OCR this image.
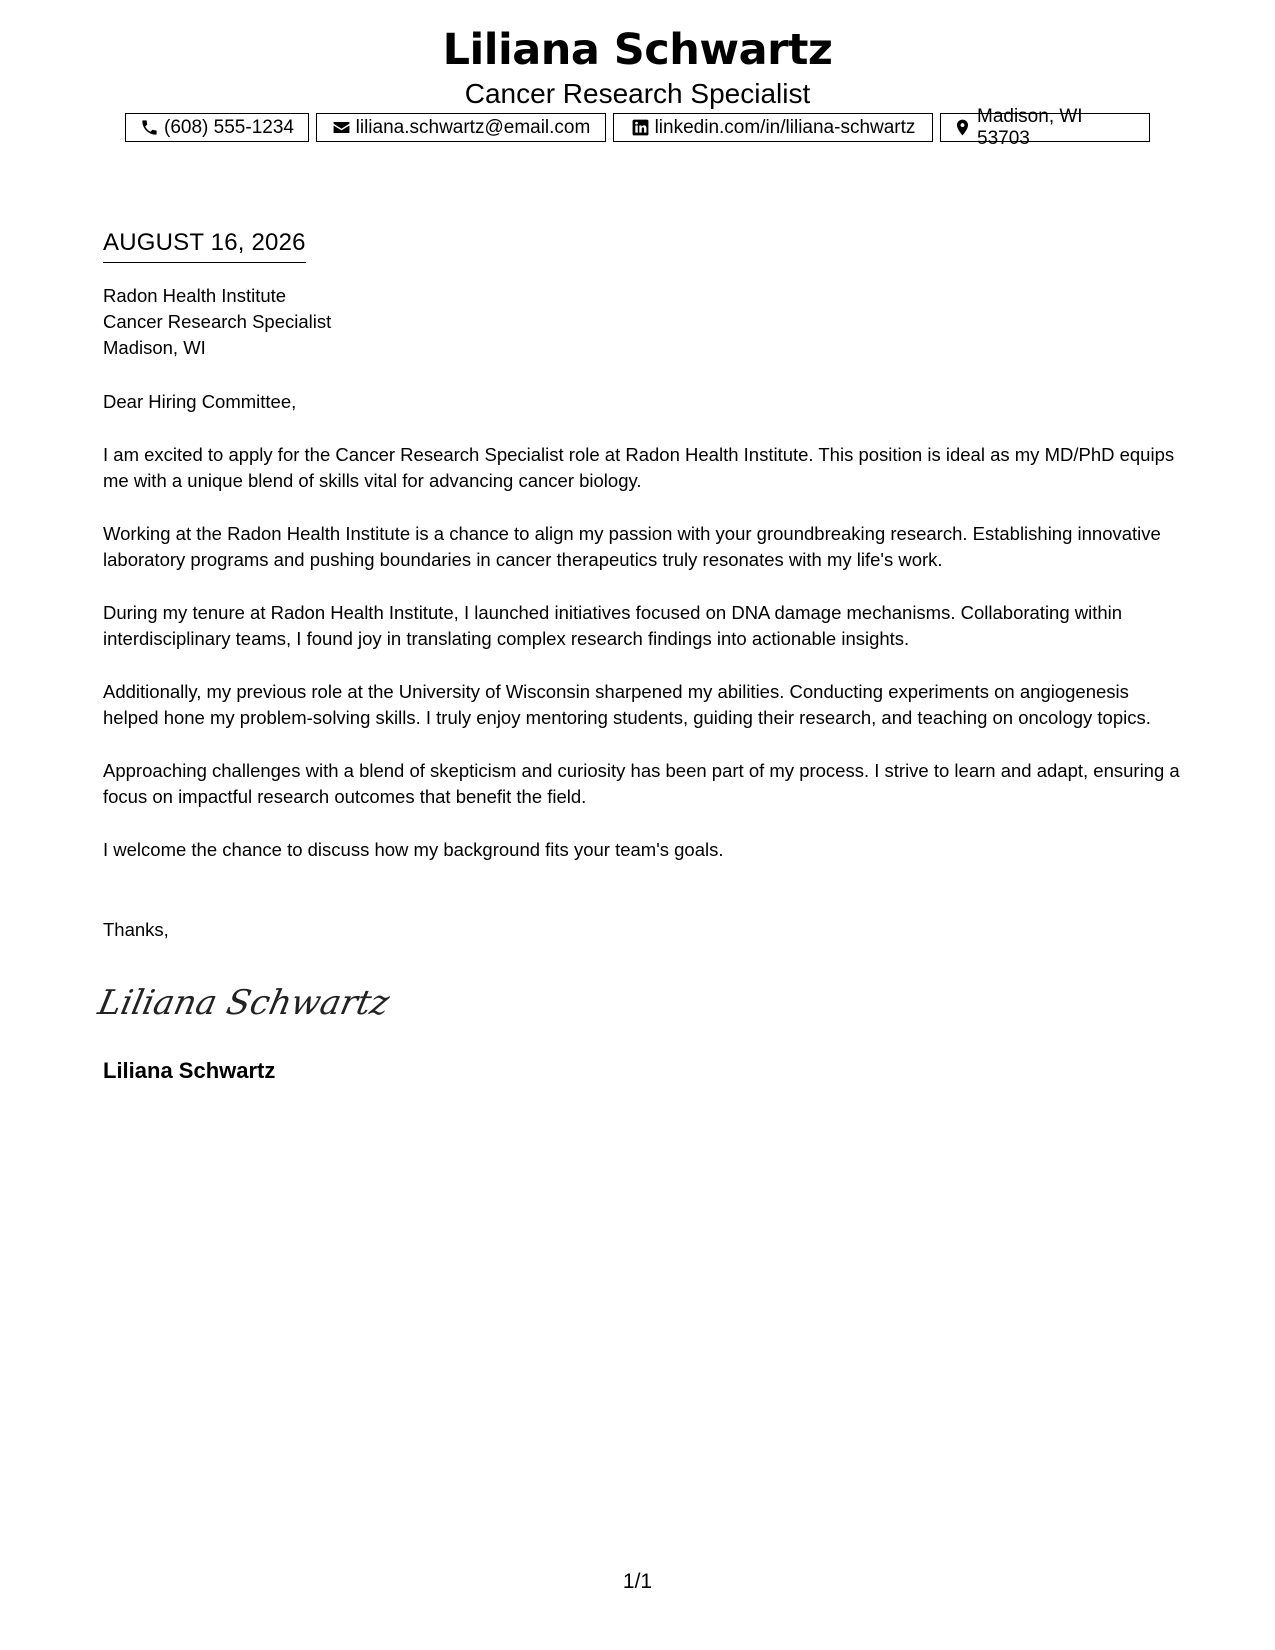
Liliana Schwartz
Cancer Research Specialist
(608) 555-1234	liliana.schwartz@email.com	linkedin.com/in/liliana-schwartz
Madison, WI 53703
AUGUST 16, 2026
Radon Health Institute
Cancer Research Specialist
Madison, WI
Dear Hiring Committee,
I am excited to apply for the Cancer Research Specialist role at Radon Health Institute. This position is ideal as my MD/PhD equips me with a unique blend of skills vital for advancing cancer biology.
Working at the Radon Health Institute is a chance to align my passion with your groundbreaking research. Establishing innovative laboratory programs and pushing boundaries in cancer therapeutics truly resonates with my life's work.
During my tenure at Radon Health Institute, I launched initiatives focused on DNA damage mechanisms. Collaborating within interdisciplinary teams, I found joy in translating complex research findings into actionable insights.
Additionally, my previous role at the University of Wisconsin sharpened my abilities. Conducting experiments on angiogenesis helped hone my problem-solving skills. I truly enjoy mentoring students, guiding their research, and teaching on oncology topics.
Approaching challenges with a blend of skepticism and curiosity has been part of my process. I strive to learn and adapt, ensuring a focus on impactful research outcomes that benefit the field.
I welcome the chance to discuss how my background fits your team's goals.
Thanks,
Liliana Schwartz
Liliana Schwartz
1/1
